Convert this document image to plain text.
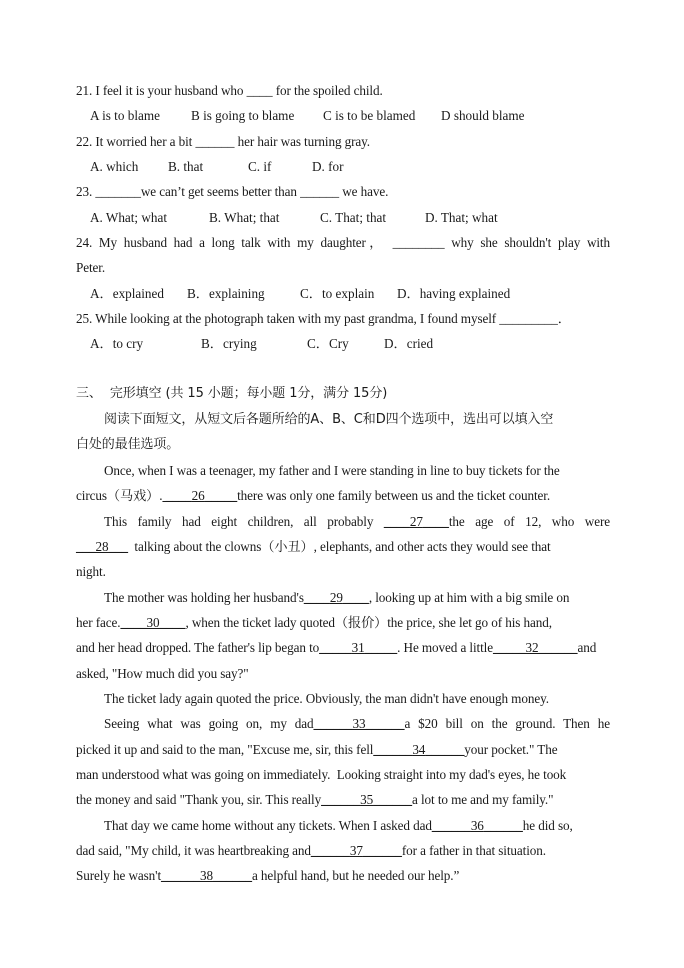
21. I feel it is your husband who ____ for the spoiled child.
A is to blame B is going to blame C is to be blamed D should blame
22. It worried her a bit ______ her hair was turning gray.
A. which B. that	C. if	D. for
23. _______we can’t get seems better than ______ we have.
A. What; what	B. What; that	C. That; that	D. That; what
24. My husband had a long talk with my daughter， ________ why she shouldn't play with
Peter.
A．explained B．explaining	C．to explain D．having explained
25. While looking at the photograph taken with my past grandma, I found myself _________．
A．to cry	B．crying	C．Cry	D．cried
三、  完形填空 (共 15 小题；每小题 1分，满分 15分)
阅读下面短文，从短文后各题所给的A、B、C和D四个选项中，选出可以填入空
白处的最佳选项。
Once, when I was a teenager, my father and I were standing in line to buy tickets for the
circus（马戏）. ____26_____there was only one family between us and the ticket counter.
This family had eight children, all probably ____27____the age of 12, who were
___28___ talking about the clowns（小丑）, elephants, and other acts they would see that
night.
The mother was holding her husband's____29____, looking up at him with a big smile on
her face.____30____, when the ticket lady quoted（报价）the price, she let go of his hand,
and her head dropped. The father's lip began to_____31_____. He moved a little_____32______and
asked, "How much did you say?"
The ticket lady again quoted the price. Obviously, the man didn't have enough money.
Seeing what was going on, my dad______33______a $20 bill on the ground. Then he
picked it up and said to the man, "Excuse me, sir, this fell______34______your pocket." The
man understood what was going on immediately.  Looking straight into my dad's eyes, he took
the money and said "Thank you, sir. This really______35______a lot to me and my family."
That day we came home without any tickets. When I asked dad______36______he did so,
dad said, "My child, it was heartbreaking and______37______for a father in that situation.
Surely he wasn't______38______a helpful hand, but he needed our help.”
